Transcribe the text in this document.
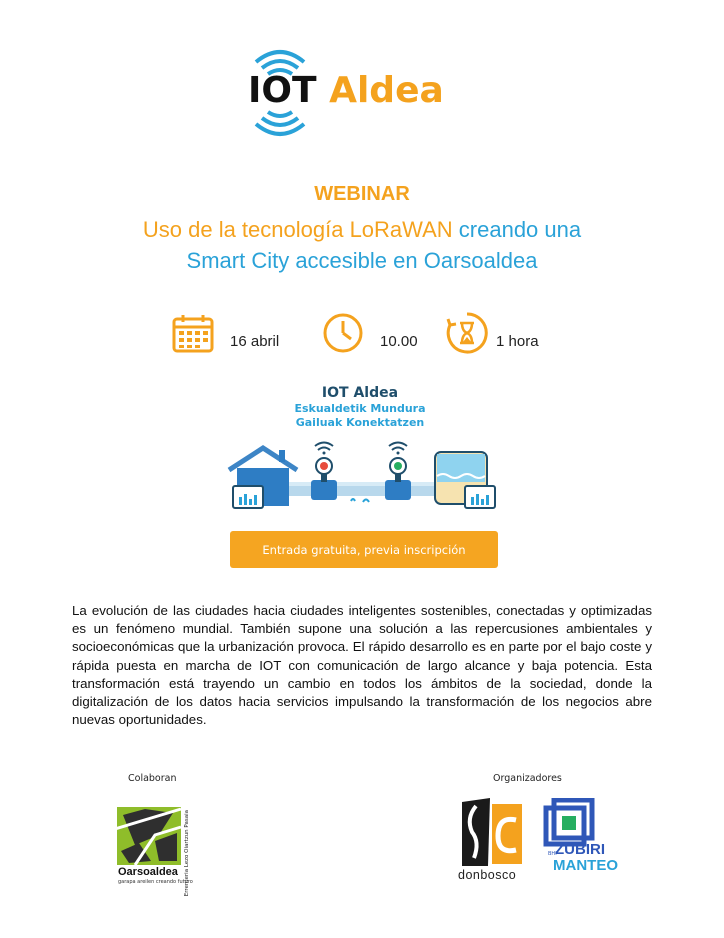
IOT Aldea
WEBINAR
Uso de la tecnología LoRaWAN creando una
Smart City accesible en Oarsoaldea
16 abril	10.00	1 hora
IOT Aldea
Eskualdetik Mundura
Gailuak Konektatzen
Entrada gratuita, previa inscripción
La evolución de las ciudades hacia ciudades inteligentes sostenibles, conectadas y optimizadas es un fenómeno mundial. También supone una solución a las repercusiones ambientales y socioeconómicas que la urbanización provoca. El rápido desarrollo es en parte por el bajo coste y rápida puesta en marcha de IOT con comunicación de largo alcance y baja potencia. Esta transformación está trayendo un cambio en todos los ámbitos de la sociedad, donde la digitalización de los datos hacia servicios impulsando la transformación de los negocios abre nuevas oportunidades.
Colaboran	Organizadores
Oarsoaldea
garapa areilen creando futuro
Errenteria Lezo Oiartzun Pasaia	donbosco
BHI
ZUBIRI
MANTEO
